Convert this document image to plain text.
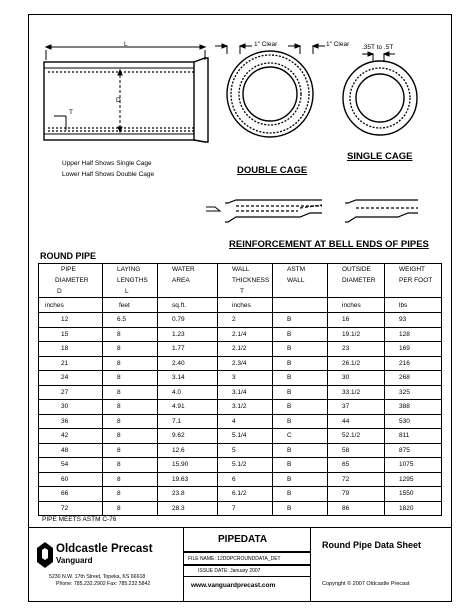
L
D
T
1" Clear	1" Clear .35T to .5T
Upper Half Shows Single Cage
Lower Half Shows Double Cage	DOUBLE CAGE
SINGLE CAGE
REINFORCEMENT AT BELL ENDS OF PIPES
ROUND PIPE
PIPE	LAYING	WATER	WALL	ASTM	OUTSIDE	WEIGHT
DIAMETER	LENGTHS	AREA	THICKNESS	WALL	DIAMETER	PER FOOT
D	L		T			
inches	feet	sq.ft.	inches		inches	lbs
12	6.5	0.79	2	B	16	93
15	8	1.23	2.1/4	B	19.1/2	128
18	8	1.77	2.1/2	B	23	169
21	8	2.40	2.3/4	B	26.1/2	216
24	8	3.14	3	B	30	268
27	8	4.0	3.1/4	B	33.1/2	325
30	8	4.91	3.1/2	B	37	388
36	8	7.1	4	B	44	530
42	8	9.62	5.1/4	C	52.1/2	811
48	8	12.6	5	B	58	875
54	8	15.90	5.1/2	B	65	1075
60	8	19.63	6	B	72	1295
66	8	23.8	6.1/2	B	79	1550
72	8	28.3	7	B	86	1820
PIPE MEETS ASTM C-76
Oldcastle Precast
Vanguard
5230 N.W. 17th Street, Topeka, KS 66618
Phone: 785.232.2902 Fax: 785.232.5842
PIPEDATA
FILE NAME: 12DDPCROUNDDATA_DET
ISSUE DATE: January 2007
www.vanguardprecast.com
Round Pipe Data Sheet
Copyright © 2007 Oldcastle Precast
